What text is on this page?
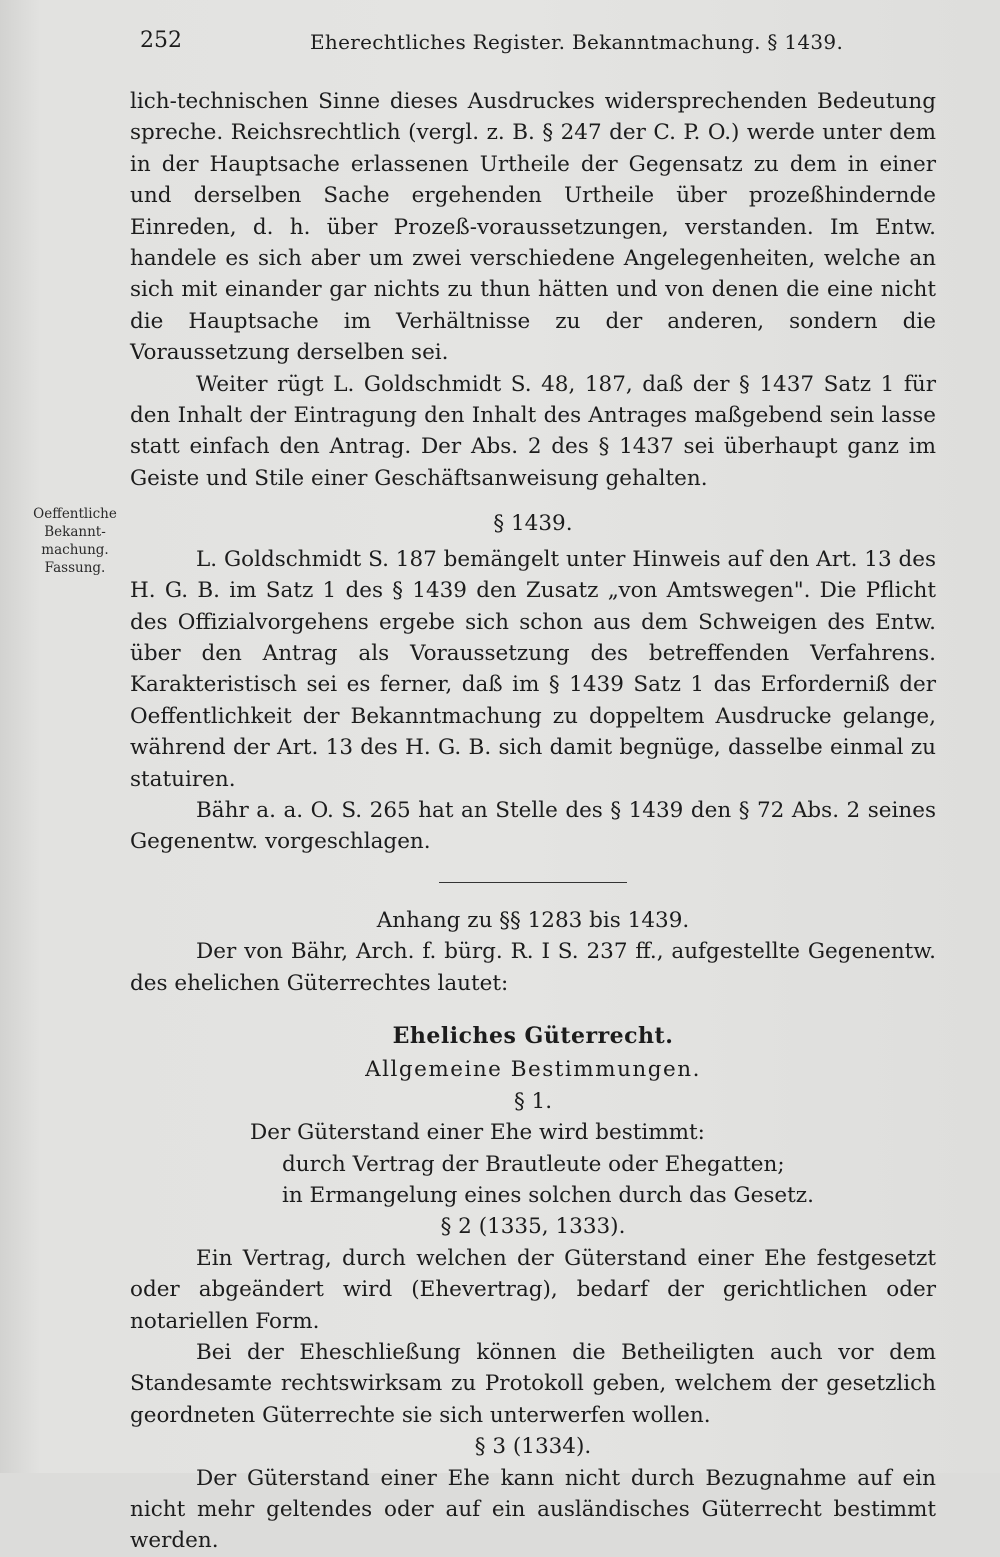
252	Eherechtliches Register. Bekanntmachung. § 1439.
Oeffentliche
Bekannt-
machung.
Fassung.

lich-technischen Sinne dieses Ausdruckes widersprechenden Bedeutung spreche. Reichsrechtlich (vergl. z. B. § 247 der C. P. O.) werde unter dem in der Hauptsache erlassenen Urtheile der Gegensatz zu dem in einer und derselben Sache ergehenden Urtheile über prozeßhindernde Einreden, d. h. über Prozeß-voraussetzungen, verstanden. Im Entw. handele es sich aber um zwei verschiedene Angelegenheiten, welche an sich mit einander gar nichts zu thun hätten und von denen die eine nicht die Hauptsache im Verhältnisse zu der anderen, sondern die Voraussetzung derselben sei.

Weiter rügt L. Goldschmidt S. 48, 187, daß der § 1437 Satz 1 für den Inhalt der Eintragung den Inhalt des Antrages maßgebend sein lasse statt einfach den Antrag. Der Abs. 2 des § 1437 sei überhaupt ganz im Geiste und Stile einer Geschäftsanweisung gehalten.

§ 1439.

L. Goldschmidt S. 187 bemängelt unter Hinweis auf den Art. 13 des H. G. B. im Satz 1 des § 1439 den Zusatz „von Amtswegen". Die Pflicht des Offizialvorgehens ergebe sich schon aus dem Schweigen des Entw. über den Antrag als Voraussetzung des betreffenden Verfahrens. Karakteristisch sei es ferner, daß im § 1439 Satz 1 das Erforderniß der Oeffentlichkeit der Bekanntmachung zu doppeltem Ausdrucke gelange, während der Art. 13 des H. G. B. sich damit begnüge, dasselbe einmal zu statuiren.

Bähr a. a. O. S. 265 hat an Stelle des § 1439 den § 72 Abs. 2 seines Gegenentw. vorgeschlagen.

Anhang zu §§ 1283 bis 1439.

Der von Bähr, Arch. f. bürg. R. I S. 237 ff., aufgestellte Gegenentw. des ehelichen Güterrechtes lautet:

Eheliches Güterrecht.
Allgemeine Bestimmungen.
§ 1.
Der Güterstand einer Ehe wird bestimmt:
durch Vertrag der Brautleute oder Ehegatten;
in Ermangelung eines solchen durch das Gesetz.
§ 2 (1335, 1333).

Ein Vertrag, durch welchen der Güterstand einer Ehe festgesetzt oder abgeändert wird (Ehevertrag), bedarf der gerichtlichen oder notariellen Form.

Bei der Eheschließung können die Betheiligten auch vor dem Standesamte rechtswirksam zu Protokoll geben, welchem der gesetzlich geordneten Güterrechte sie sich unterwerfen wollen.

§ 3 (1334).

Der Güterstand einer Ehe kann nicht durch Bezugnahme auf ein nicht mehr geltendes oder auf ein ausländisches Güterrecht bestimmt werden.
